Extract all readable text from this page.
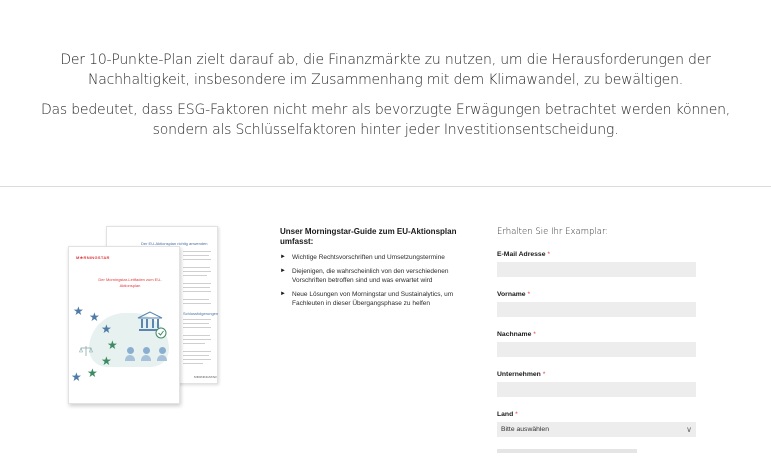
Der 10-Punkte-Plan zielt darauf ab, die Finanzmärkte zu nutzen, um die Herausforderungen der Nachhaltigkeit, insbesondere im Zusammenhang mit dem Klimawandel, zu bewältigen.

Das bedeutet, dass ESG-Faktoren nicht mehr als bevorzugte Erwägungen betrachtet werden können, sondern als Schlüsselfaktoren hinter jeder Investitionsentscheidung.

Der EU-Aktionsplan richtig anwenden
Schlussfolgerungen
M★RNINGSTAR
Der Morningstar-Leitfaden zum EU-Aktionsplan
★ ★
★
★
★
★
★	M★RNINGSTAR
Unser Morningstar-Guide zum EU-Aktionsplan umfasst:
► Wichtige Rechtsvorschriften und Umsetzungstermine
► Diejenigen, die wahrscheinlich von den verschiedenen Vorschriften betroffen sind und was erwartet wird
► Neue Lösungen von Morningstar und Sustainalytics, um Fachleuten in dieser Übergangsphase zu helfen
Erhalten Sie Ihr Examplar:
E-Mail Adresse *
Vorname *
Nachname *
Unternehmen *
Land *
Bitte auswählen	∨
